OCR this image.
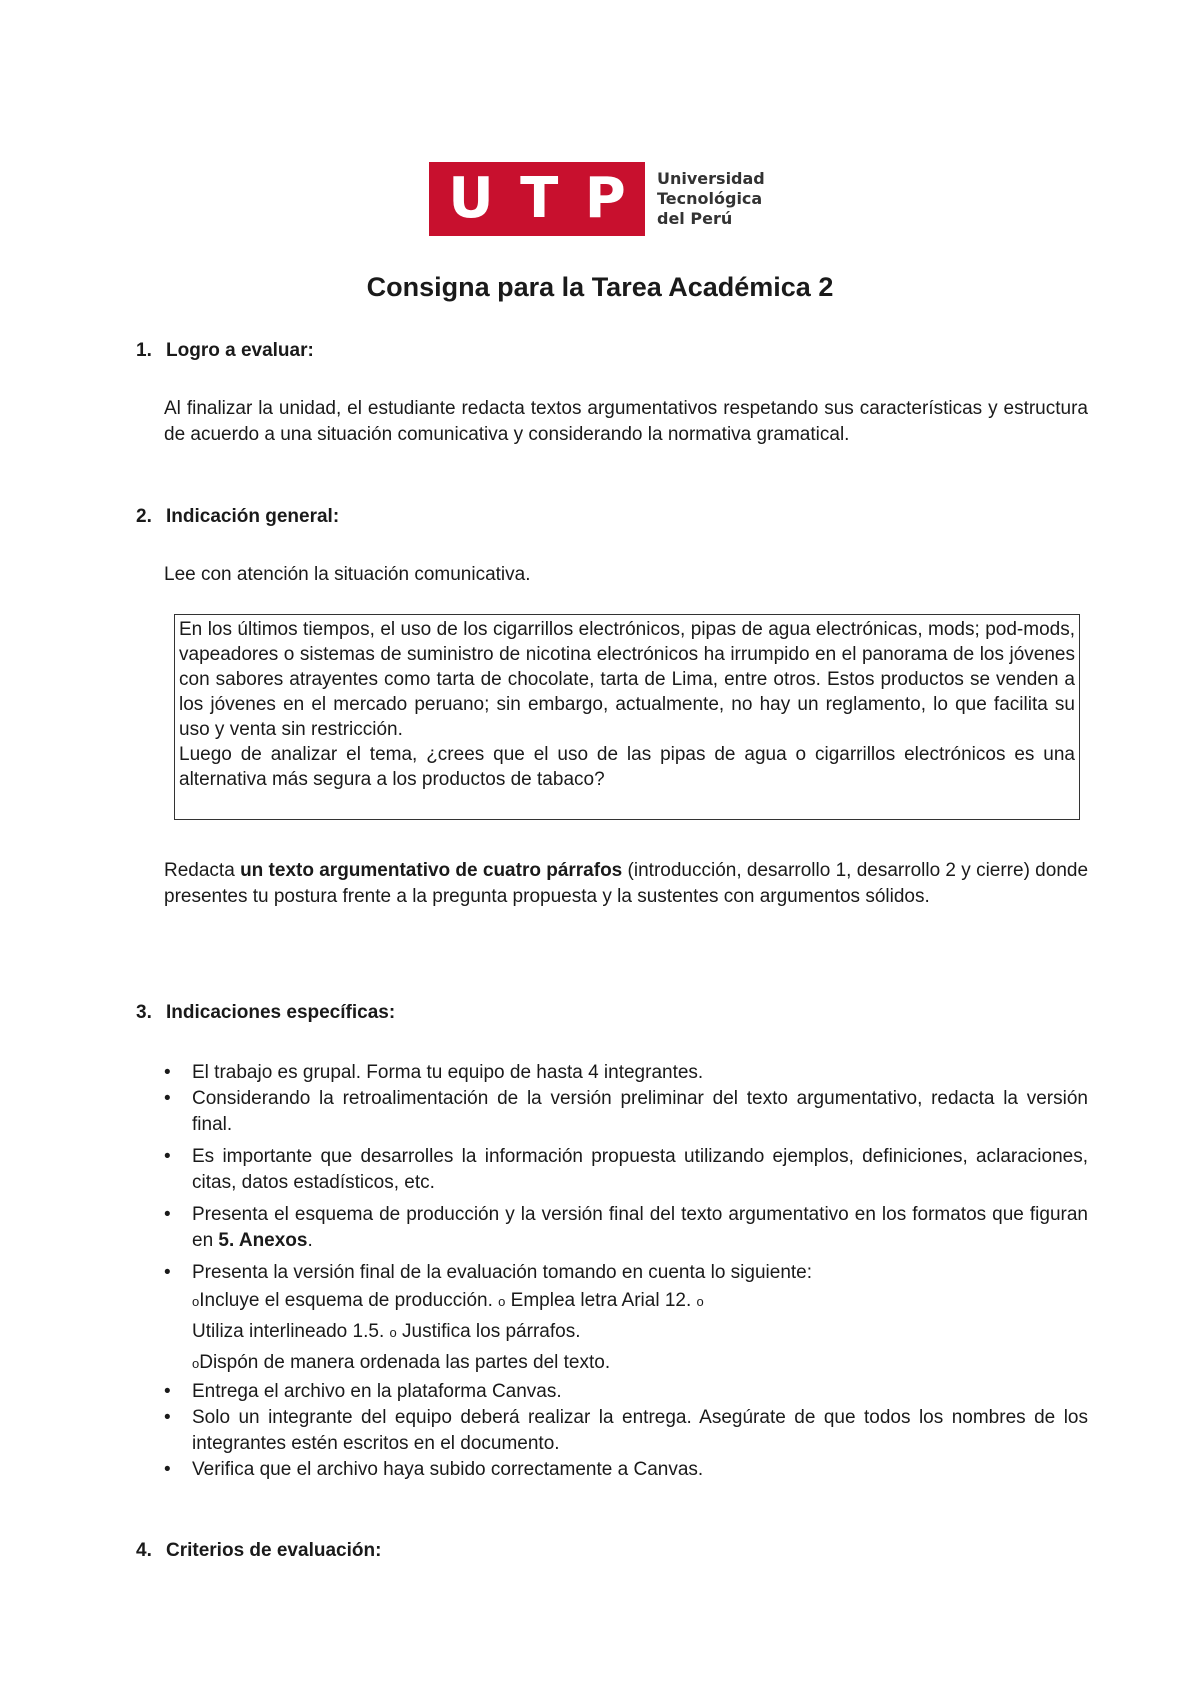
U T P Universidad
Tecnológica
del Perú
Consigna para la Tarea Académica 2
1. Logro a evaluar:

Al finalizar la unidad, el estudiante redacta textos argumentativos respetando sus características y estructura de acuerdo a una situación comunicativa y considerando la normativa gramatical.

2. Indicación general:

Lee con atención la situación comunicativa.

En los últimos tiempos, el uso de los cigarrillos electrónicos, pipas de agua electrónicas, mods; pod-mods, vapeadores o sistemas de suministro de nicotina electrónicos ha irrumpido en el panorama de los jóvenes con sabores atrayentes como tarta de chocolate, tarta de Lima, entre otros. Estos productos se venden a los jóvenes en el mercado peruano; sin embargo, actualmente, no hay un reglamento, lo que facilita su uso y venta sin restricción.

Luego de analizar el tema, ¿crees que el uso de las pipas de agua o cigarrillos electrónicos es una alternativa más segura a los productos de tabaco?

Redacta un texto argumentativo de cuatro párrafos (introducción, desarrollo 1, desarrollo 2 y cierre) donde presentes tu postura frente a la pregunta propuesta y la sustentes con argumentos sólidos.

3. Indicaciones específicas:
•	El trabajo es grupal. Forma tu equipo de hasta 4 integrantes.
•	Considerando la retroalimentación de la versión preliminar del texto argumentativo, redacta la versión final.
•	Es importante que desarrolles la información propuesta utilizando ejemplos, definiciones, aclaraciones, citas, datos estadísticos, etc.
•	Presenta el esquema de producción y la versión final del texto argumentativo en los formatos que figuran en 5. Anexos.
•	Presenta la versión final de la evaluación tomando en cuenta lo siguiente:
oIncluye el esquema de producción. o Emplea letra Arial 12. o
Utiliza interlineado 1.5. o Justifica los párrafos.
oDispón de manera ordenada las partes del texto.
•	Entrega el archivo en la plataforma Canvas.
•	Solo un integrante del equipo deberá realizar la entrega. Asegúrate de que todos los nombres de los integrantes estén escritos en el documento.
•	Verifica que el archivo haya subido correctamente a Canvas.
4. Criterios de evaluación:
